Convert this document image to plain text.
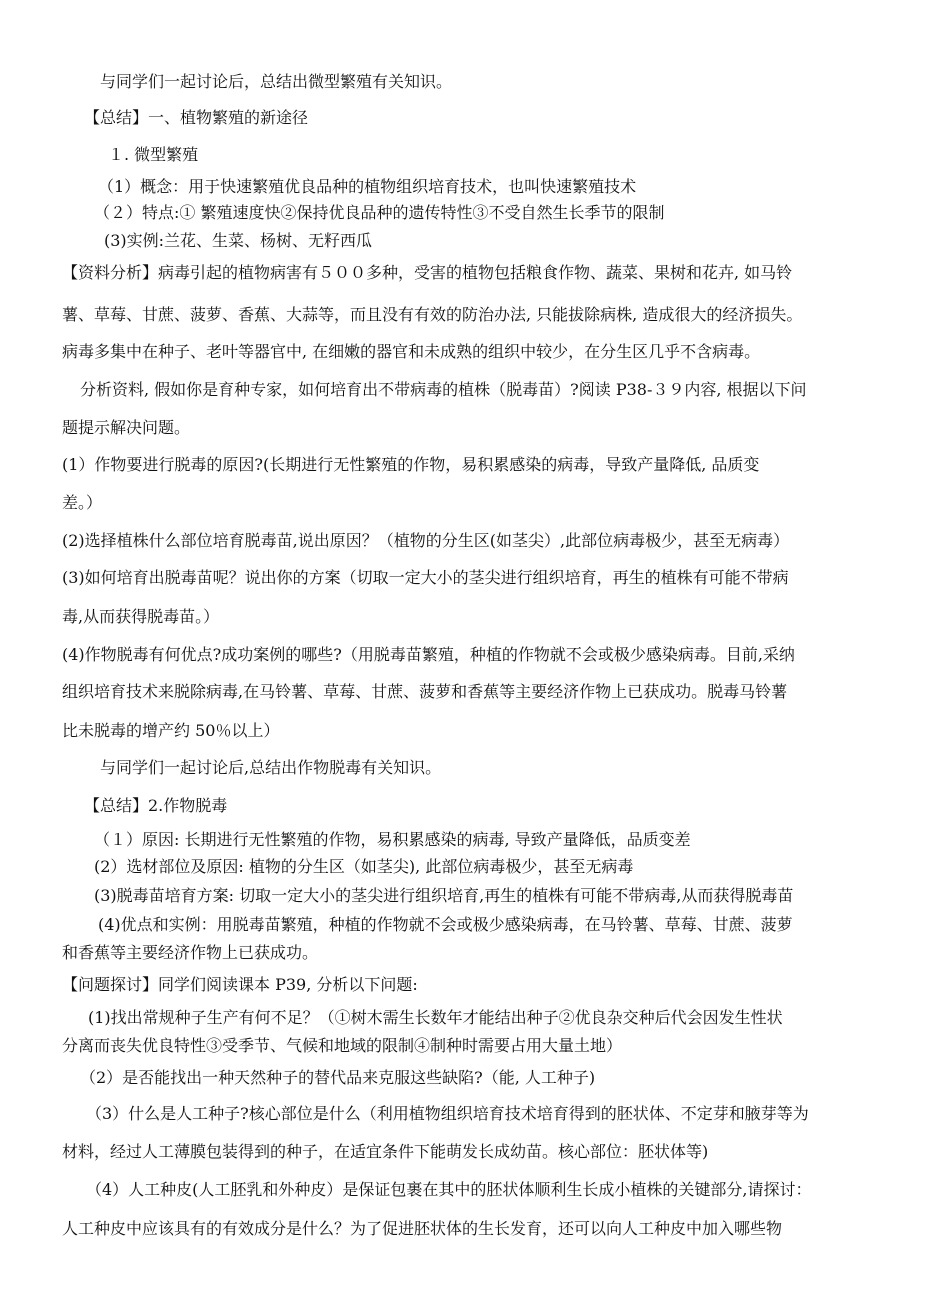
与同学们一起讨论后，总结出微型繁殖有关知识。
【总结】一、植物繁殖的新途径
１. 微型繁殖
（1）概念：用于快速繁殖优良品种的植物组织培育技术，也叫快速繁殖技术
（２）特点:① 繁殖速度快②保持优良品种的遗传特性③不受自然生长季节的限制
(3)实例:兰花、生菜、杨树、无籽西瓜
【资料分析】病毒引起的植物病害有５００多种，受害的植物包括粮食作物、蔬菜、果树和花卉, 如马铃
薯、草莓、甘蔗、菠萝、香蕉、大蒜等，而且没有有效的防治办法, 只能拔除病株, 造成很大的经济损失。
病毒多集中在种子、老叶等器官中, 在细嫩的器官和未成熟的组织中较少，在分生区几乎不含病毒。
分析资料, 假如你是育种专家，如何培育出不带病毒的植株（脱毒苗）?阅读 P38-３９内容, 根据以下问
题提示解决问题。
(1）作物要进行脱毒的原因?(长期进行无性繁殖的作物，易积累感染的病毒，导致产量降低, 品质变
差。）
(2)选择植株什么部位培育脱毒苗,说出原因？（植物的分生区(如茎尖）,此部位病毒极少，甚至无病毒）
(3)如何培育出脱毒苗呢？说出你的方案（切取一定大小的茎尖进行组织培育，再生的植株有可能不带病
毒,从而获得脱毒苗。）
(4)作物脱毒有何优点?成功案例的哪些?（用脱毒苗繁殖，种植的作物就不会或极少感染病毒。目前,采纳
组织培育技术来脱除病毒,在马铃薯、草莓、甘蔗、菠萝和香蕉等主要经济作物上已获成功。脱毒马铃薯
比未脱毒的增产约 50％以上）
与同学们一起讨论后,总结出作物脱毒有关知识。
【总结】2.作物脱毒
（１）原因: 长期进行无性繁殖的作物，易积累感染的病毒, 导致产量降低，品质变差
(2）选材部位及原因: 植物的分生区（如茎尖), 此部位病毒极少，甚至无病毒
(3)脱毒苗培育方案: 切取一定大小的茎尖进行组织培育,再生的植株有可能不带病毒,从而获得脱毒苗
(4)优点和实例：用脱毒苗繁殖，种植的作物就不会或极少感染病毒，在马铃薯、草莓、甘蔗、菠萝
和香蕉等主要经济作物上已获成功。
【问题探讨】同学们阅读课本 P39, 分析以下问题:
(1)找出常规种子生产有何不足？（①树木需生长数年才能结出种子②优良杂交种后代会因发生性状
分离而丧失优良特性③受季节、气候和地域的限制④制种时需要占用大量土地）
（2）是否能找出一种天然种子的替代品来克服这些缺陷?（能, 人工种子)
（3）什么是人工种子?核心部位是什么（利用植物组织培育技术培育得到的胚状体、不定芽和腋芽等为
材料，经过人工薄膜包装得到的种子，在适宜条件下能萌发长成幼苗。核心部位：胚状体等)
（4）人工种皮(人工胚乳和外种皮）是保证包裹在其中的胚状体顺利生长成小植株的关键部分,请探讨：
人工种皮中应该具有的有效成分是什么？为了促进胚状体的生长发育，还可以向人工种皮中加入哪些物
